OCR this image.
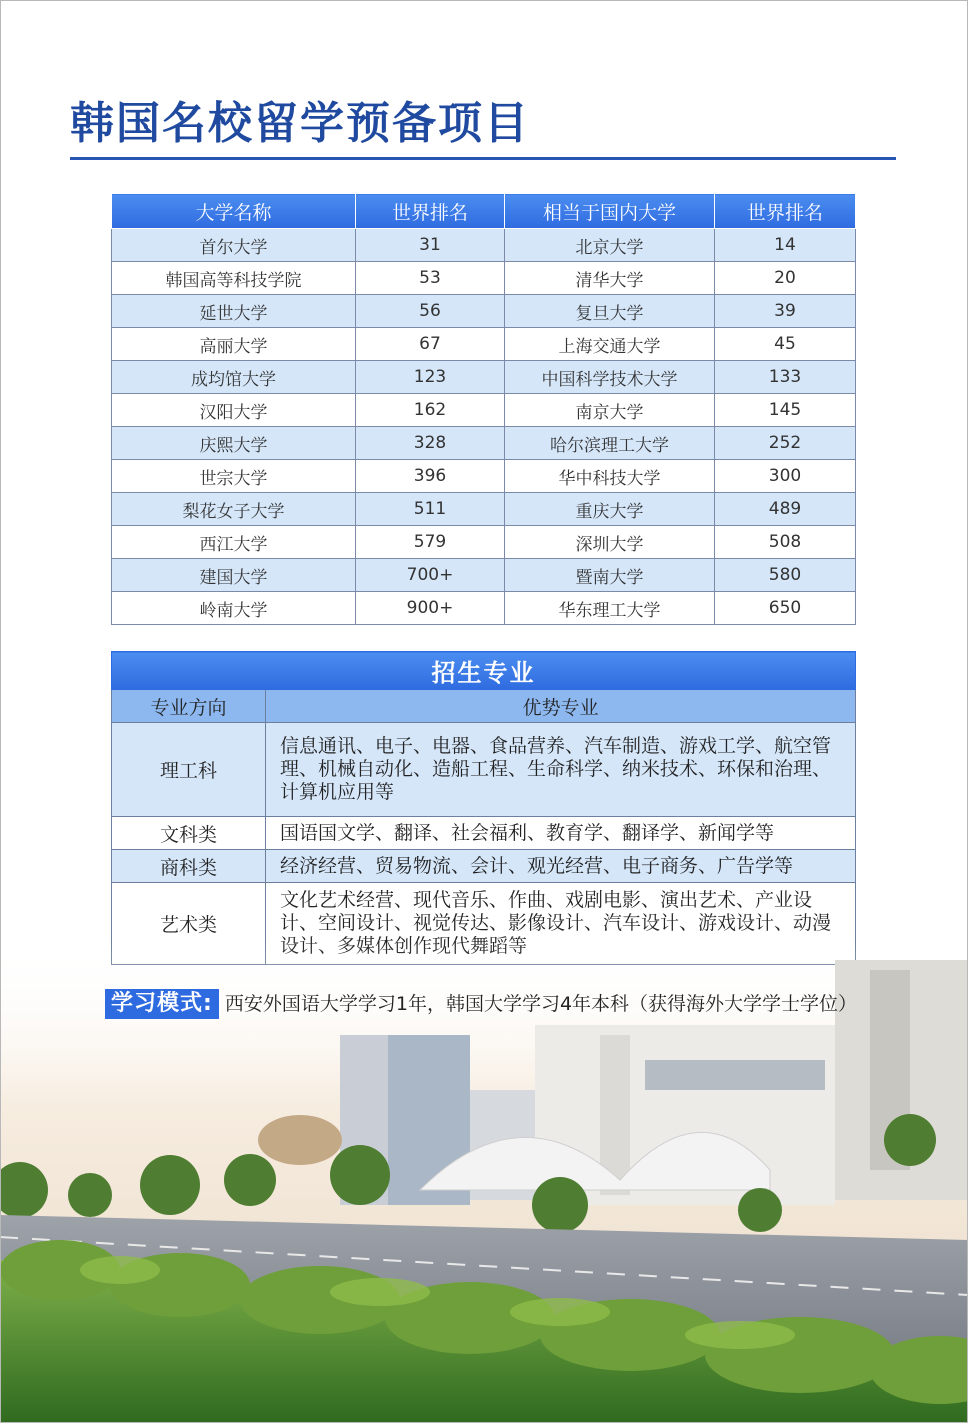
韩国名校留学预备项目
大学名称	世界排名	相当于国内大学	世界排名
首尔大学	31	北京大学	14
韩国高等科技学院	53	清华大学	20
延世大学	56	复旦大学	39
高丽大学	67	上海交通大学	45
成均馆大学	123	中国科学技术大学	133
汉阳大学	162	南京大学	145
庆熙大学	328	哈尔滨理工大学	252
世宗大学	396	华中科技大学	300
梨花女子大学	511	重庆大学	489
西江大学	579	深圳大学	508
建国大学	700+	暨南大学	580
岭南大学	900+	华东理工大学	650
招生专业	
专业方向	优势专业
理工科	信息通讯、电子、电器、食品营养、汽车制造、游戏工学、航空管理、机械自动化、造船工程、生命科学、纳米技术、环保和治理、计算机应用等
文科类	国语国文学、翻译、社会福利、教育学、翻译学、新闻学等
商科类	经济经营、贸易物流、会计、观光经营、电子商务、广告学等
艺术类	文化艺术经营、现代音乐、作曲、戏剧电影、演出艺术、产业设计、空间设计、视觉传达、影像设计、汽车设计、游戏设计、动漫
学习模式: 西安外国语大学学习1年，韩国大学学习4年本科（获得海外大学学士学位）
